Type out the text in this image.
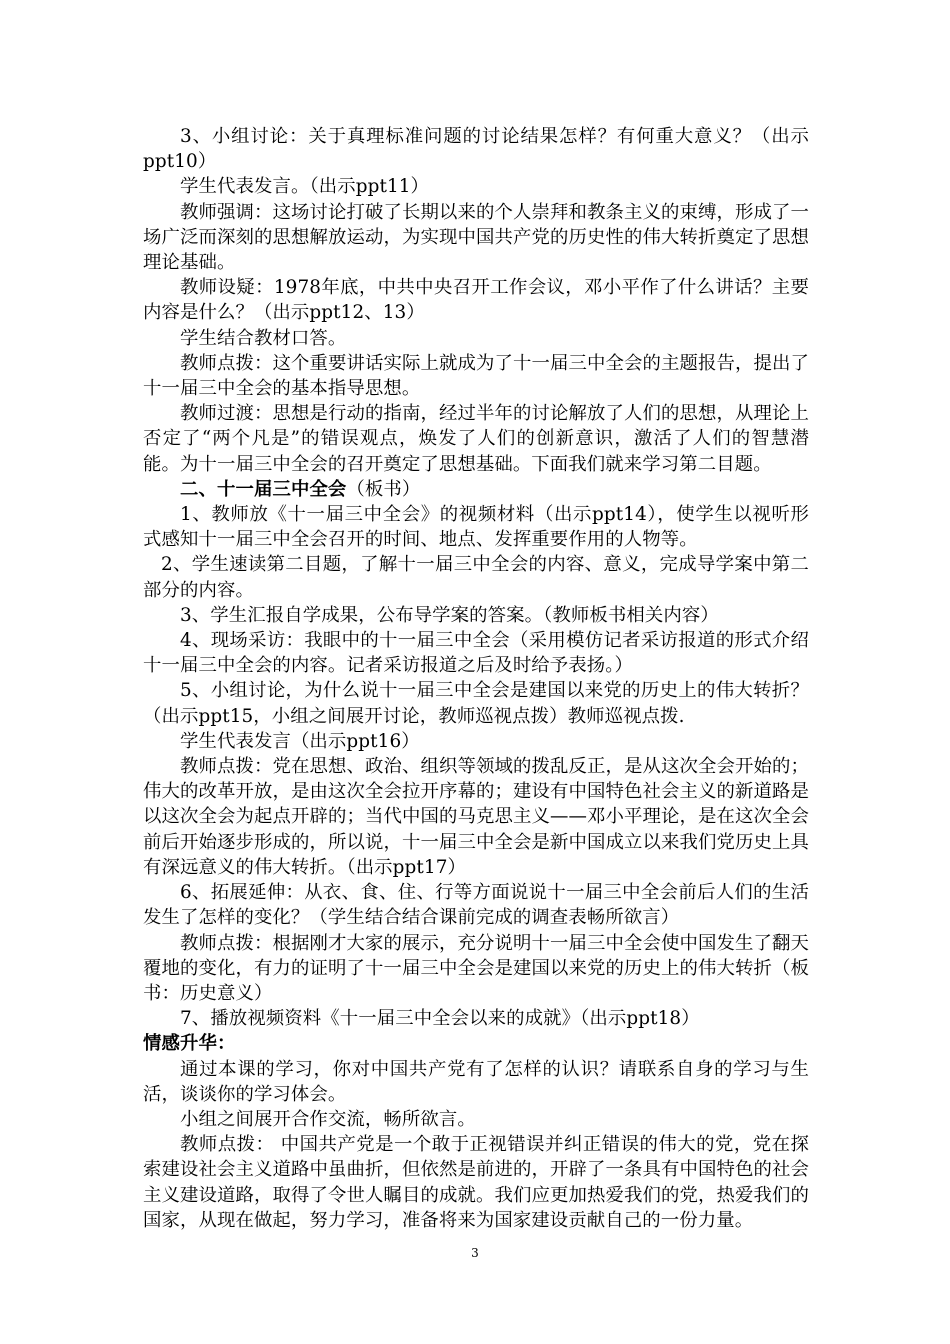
3、小组讨论：关于真理标准问题的讨论结果怎样？有何重大意义？（出示ppt10）

学生代表发言。（出示ppt11）

教师强调：这场讨论打破了长期以来的个人崇拜和教条主义的束缚，形成了一场广泛而深刻的思想解放运动，为实现中国共产党的历史性的伟大转折奠定了思想理论基础。

教师设疑：1978年底，中共中央召开工作会议，邓小平作了什么讲话？主要内容是什么？（出示ppt12、13）

学生结合教材口答。

教师点拨：这个重要讲话实际上就成为了十一届三中全会的主题报告，提出了十一届三中全会的基本指导思想。

教师过渡：思想是行动的指南，经过半年的讨论解放了人们的思想，从理论上否定了“两个凡是”的错误观点，焕发了人们的创新意识，激活了人们的智慧潜能。为十一届三中全会的召开奠定了思想基础。下面我们就来学习第二目题。

二、十一届三中全会（板书）

1、教师放《十一届三中全会》的视频材料（出示ppt14），使学生以视听形式感知十一届三中全会召开的时间、地点、发挥重要作用的人物等。

2、学生速读第二目题，了解十一届三中全会的内容、意义，完成导学案中第二部分的内容。

3、学生汇报自学成果，公布导学案的答案。（教师板书相关内容）

4、现场采访：我眼中的十一届三中全会（采用模仿记者采访报道的形式介绍十一届三中全会的内容。记者采访报道之后及时给予表扬。）

5、小组讨论，为什么说十一届三中全会是建国以来党的历史上的伟大转折？（出示ppt15，小组之间展开讨论，教师巡视点拨）教师巡视点拨.

学生代表发言（出示ppt16）

教师点拨：党在思想、政治、组织等领域的拨乱反正，是从这次全会开始的；伟大的改革开放，是由这次全会拉开序幕的；建设有中国特色社会主义的新道路是以这次全会为起点开辟的；当代中国的马克思主义——邓小平理论，是在这次全会前后开始逐步形成的，所以说，十一届三中全会是新中国成立以来我们党历史上具有深远意义的伟大转折。（出示ppt17）

6、拓展延伸：从衣、食、住、行等方面说说十一届三中全会前后人们的生活发生了怎样的变化？（学生结合结合课前完成的调查表畅所欲言）

教师点拨：根据刚才大家的展示，充分说明十一届三中全会使中国发生了翻天覆地的变化，有力的证明了十一届三中全会是建国以来党的历史上的伟大转折（板书：历史意义）

7、播放视频资料《十一届三中全会以来的成就》（出示ppt18）

情感升华：

通过本课的学习，你对中国共产党有了怎样的认识？请联系自身的学习与生活，谈谈你的学习体会。

小组之间展开合作交流，畅所欲言。

教师点拨： 中国共产党是一个敢于正视错误并纠正错误的伟大的党，党在探索建设社会主义道路中虽曲折，但依然是前进的，开辟了一条具有中国特色的社会主义建设道路，取得了令世人瞩目的成就。我们应更加热爱我们的党，热爱我们的国家，从现在做起，努力学习，准备将来为国家建设贡献自己的一份力量。

3
